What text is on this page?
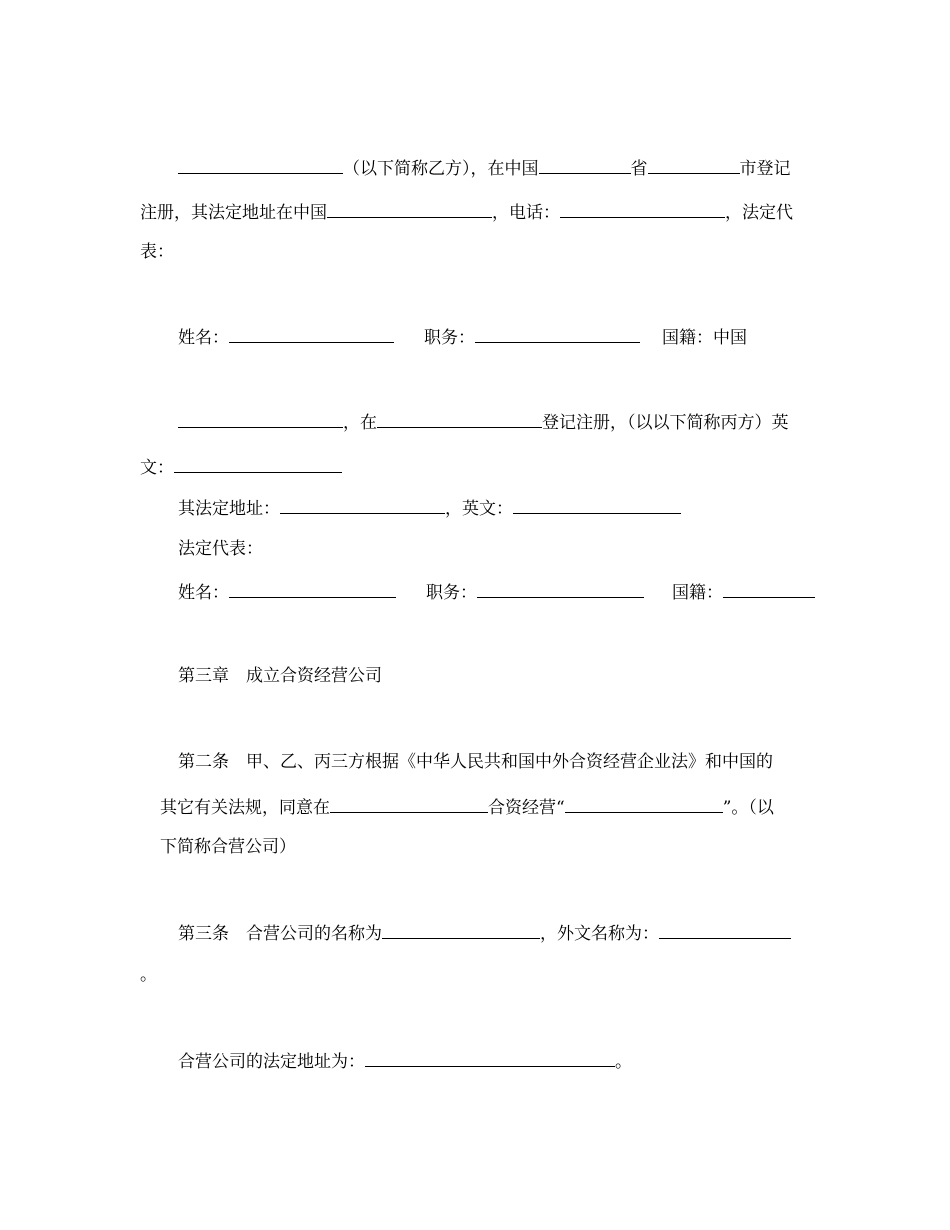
（以下简称乙方），在中国	省	市登记
注册，其法定地址在中国	，电话：	，法定代
表：
姓名：	职务：	国籍：中国
，在	登记注册，（以以下简称丙方）英
文：
其法定地址：	，英文：
法定代表：
姓名：	职务：	国籍：
第三章　成立合资经营公司
第二条　甲、乙、丙三方根据《中华人民共和国中外合资经营企业法》和中国的
其它有关法规，同意在	合资经营“	”。（以
下简称合营公司）
第三条　合营公司的名称为	，外文名称为：
。
合营公司的法定地址为：	。
